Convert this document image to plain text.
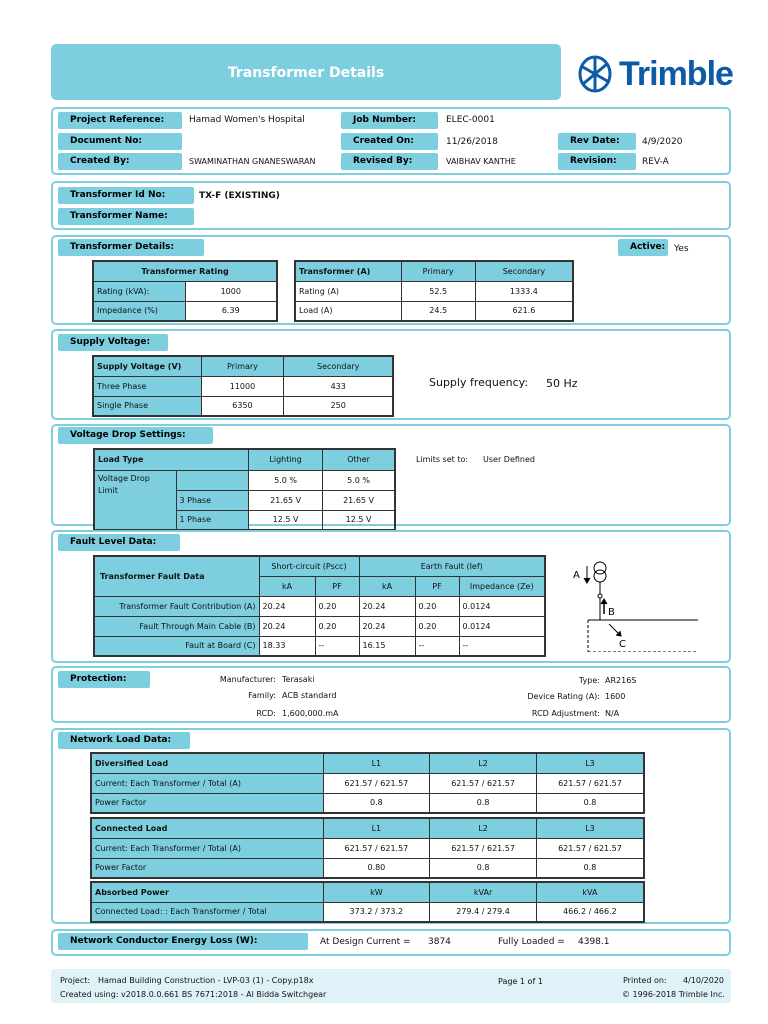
Transformer Details	Trimble
Project Reference:	Hamad Women's Hospital	Job Number:	ELEC-0001
Document No:	Created On:	11/26/2018	Rev Date:	4/9/2020
Created By:	SWAMINATHAN GNANESWARAN	Revised By:	VAIBHAV KANTHE	Revision:	REV-A
Transformer Id No:	TX-F (EXISTING)
Transformer Name:
Transformer Details:	Active: Yes
Transformer Rating	
Rating (kVA):	1000
Impedance (%)	6.39
Transformer (A)	Primary	Secondary
Rating (A)	52.5	1333.4
Load (A)	24.5	621.6
Supply Voltage:
Supply Voltage (V)	Primary	Secondary
Three Phase	11000	433
Single Phase	6350	250
Supply frequency: 50 Hz
Voltage Drop Settings:
Load Type		Lighting	Other
Voltage Drop
Limit		5.0 %	5.0 %
	3 Phase	21.65 V	21.65 V
	1 Phase	12.5 V	12.5 V
Limits set to: User Defined
Fault Level Data:
Transformer Fault Data	Short-circuit (Pscc)		Earth Fault (Ief)		
	kA	PF	kA	PF	Impedance (Ze)
Transformer Fault Contribution (A)	20.24	0.20	20.24	0.20	0.0124
Fault Through Main Cable (B)	20.24	0.20	20.24	0.20	0.0124
Fault at Board (C)	18.33	--	16.15	--	--
A
B
C
Protection:	Manufacturer: Terasaki	Type: AR216S
Family: ACB standard	Device Rating (A): 1600
RCD: 1,600,000.mA	RCD Adjustment: N/A
Network Load Data:
Diversified Load	L1	L2	L3
Current: Each Transformer / Total (A)	621.57 / 621.57	621.57 / 621.57	621.57 / 621.57
Power Factor	0.8	0.8	0.8
Connected Load	L1	L2	L3
Current: Each Transformer / Total (A)	621.57 / 621.57	621.57 / 621.57	621.57 / 621.57
Power Factor	0.80	0.8	0.8
Absorbed Power	kW	kVAr	kVA
Connected Load: : Each Transformer / Total	373.2 / 373.2	279.4 / 279.4	466.2 / 466.2
Network Conductor Energy Loss (W):	At Design Current = 3874	Fully Loaded = 4398.1
Project: Hamad Building Construction - LVP-03 (1) - Copy.p18x	Page 1 of 1	Printed on: 4/10/2020
Created using: v2018.0.0.661 BS 7671:2018 - Al Bidda Switchgear	© 1996-2018 Trimble Inc.
